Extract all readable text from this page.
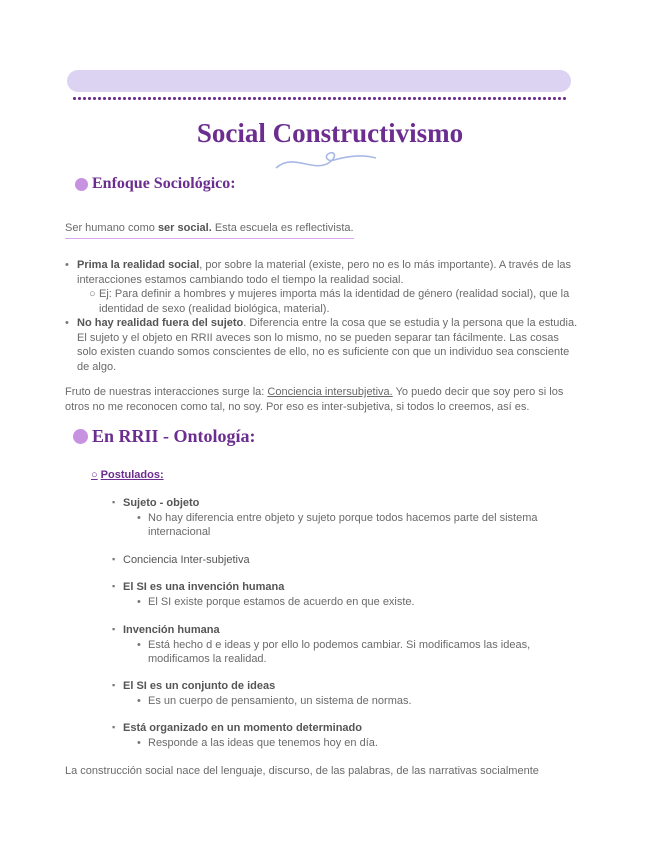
Social Constructivismo
Enfoque Sociológico:

Ser humano como ser social. Esta escuela es reflectivista.

• Prima la realidad social, por sobre la material (existe, pero no es lo más importante). A través de las interacciones estamos cambiando todo el tiempo la realidad social.
○ Ej: Para definir a hombres y mujeres importa más la identidad de género (realidad social), que la identidad de sexo (realidad biológica, material).
• No hay realidad fuera del sujeto. Diferencia entre la cosa que se estudia y la persona que la estudia. El sujeto y el objeto en RRII aveces son lo mismo, no se pueden separar tan fácilmente. Las cosas solo existen cuando somos conscientes de ello, no es suficiente con que un individuo sea consciente de algo.

Fruto de nuestras interacciones surge la: Conciencia intersubjetiva. Yo puedo decir que soy pero si los otros no me reconocen como tal, no soy. Por eso es inter-subjetiva, si todos lo creemos, así es.

En RRII - Ontología:
○ Postulados:
▪ Sujeto - objeto
• No hay diferencia entre objeto y sujeto porque todos hacemos parte del sistema internacional
▪ Conciencia Inter-subjetiva
▪ El SI es una invención humana
• El SI existe porque estamos de acuerdo en que existe.
▪ Invención humana
• Está hecho d e ideas y por ello lo podemos cambiar. Si modificamos las ideas, modificamos la realidad.
▪ El SI es un conjunto de ideas
• Es un cuerpo de pensamiento, un sistema de normas.
▪ Está organizado en un momento determinado
• Responde a las ideas que tenemos hoy en día.

La construcción social nace del lenguaje, discurso, de las palabras, de las narrativas socialmente
